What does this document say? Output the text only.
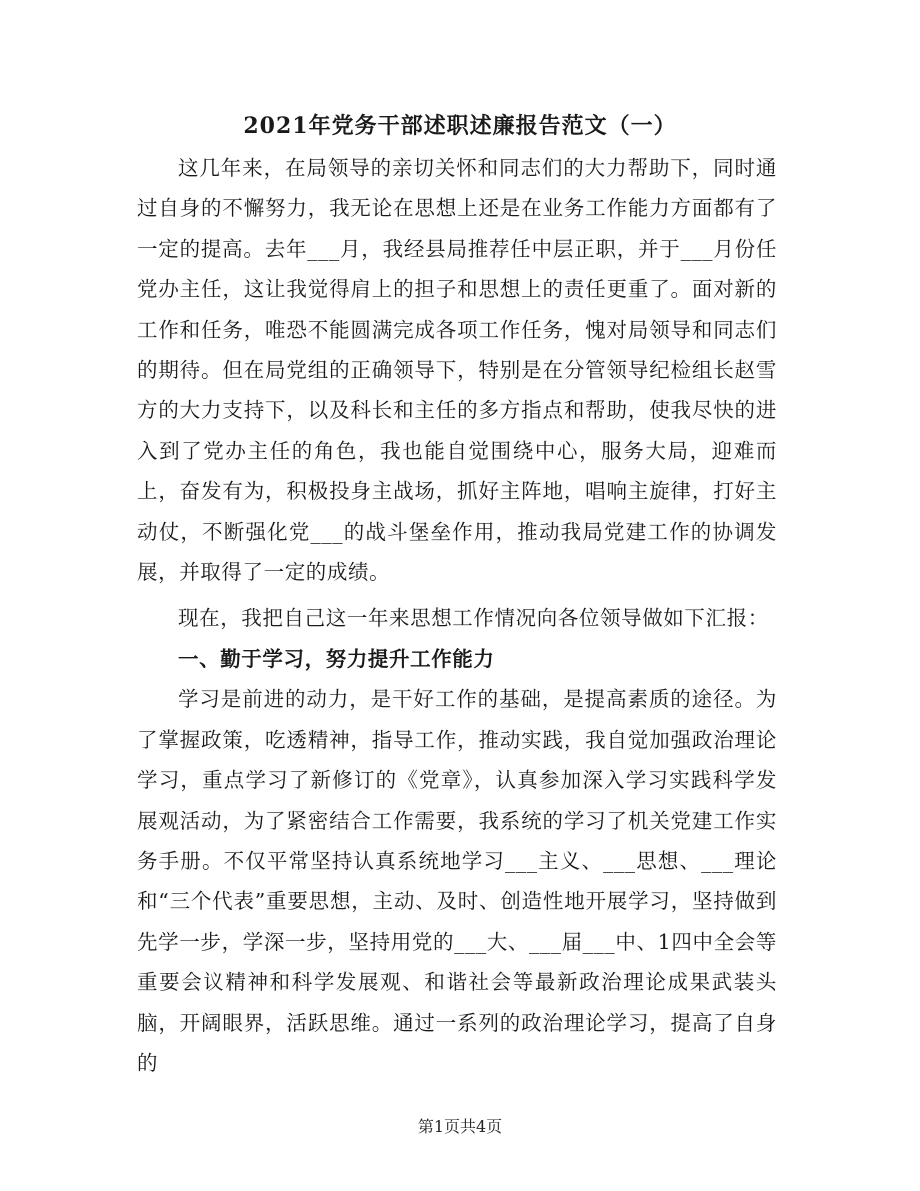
2021年党务干部述职述廉报告范文（一）

这几年来，在局领导的亲切关怀和同志们的大力帮助下，同时通过自身的不懈努力，我无论在思想上还是在业务工作能力方面都有了一定的提高。去年___月，我经县局推荐任中层正职，并于___月份任党办主任，这让我觉得肩上的担子和思想上的责任更重了。面对新的工作和任务，唯恐不能圆满完成各项工作任务，愧对局领导和同志们的期待。但在局党组的正确领导下，特别是在分管领导纪检组长赵雪方的大力支持下，以及科长和主任的多方指点和帮助，使我尽快的进入到了党办主任的角色，我也能自觉围绕中心，服务大局，迎难而上，奋发有为，积极投身主战场，抓好主阵地，唱响主旋律，打好主动仗，不断强化党___的战斗堡垒作用，推动我局党建工作的协调发展，并取得了一定的成绩。

现在，我把自己这一年来思想工作情况向各位领导做如下汇报：

一、勤于学习，努力提升工作能力

学习是前进的动力，是干好工作的基础，是提高素质的途径。为了掌握政策，吃透精神，指导工作，推动实践，我自觉加强政治理论学习，重点学习了新修订的《党章》，认真参加深入学习实践科学发展观活动，为了紧密结合工作需要，我系统的学习了机关党建工作实务手册。不仅平常坚持认真系统地学习___主义、___思想、___理论和“三个代表”重要思想，主动、及时、创造性地开展学习，坚持做到先学一步，学深一步，坚持用党的___大、___届___中、1四中全会等重要会议精神和科学发展观、和谐社会等最新政治理论成果武装头脑，开阔眼界，活跃思维。通过一系列的政治理论学习，提高了自身的

第1页共4页
